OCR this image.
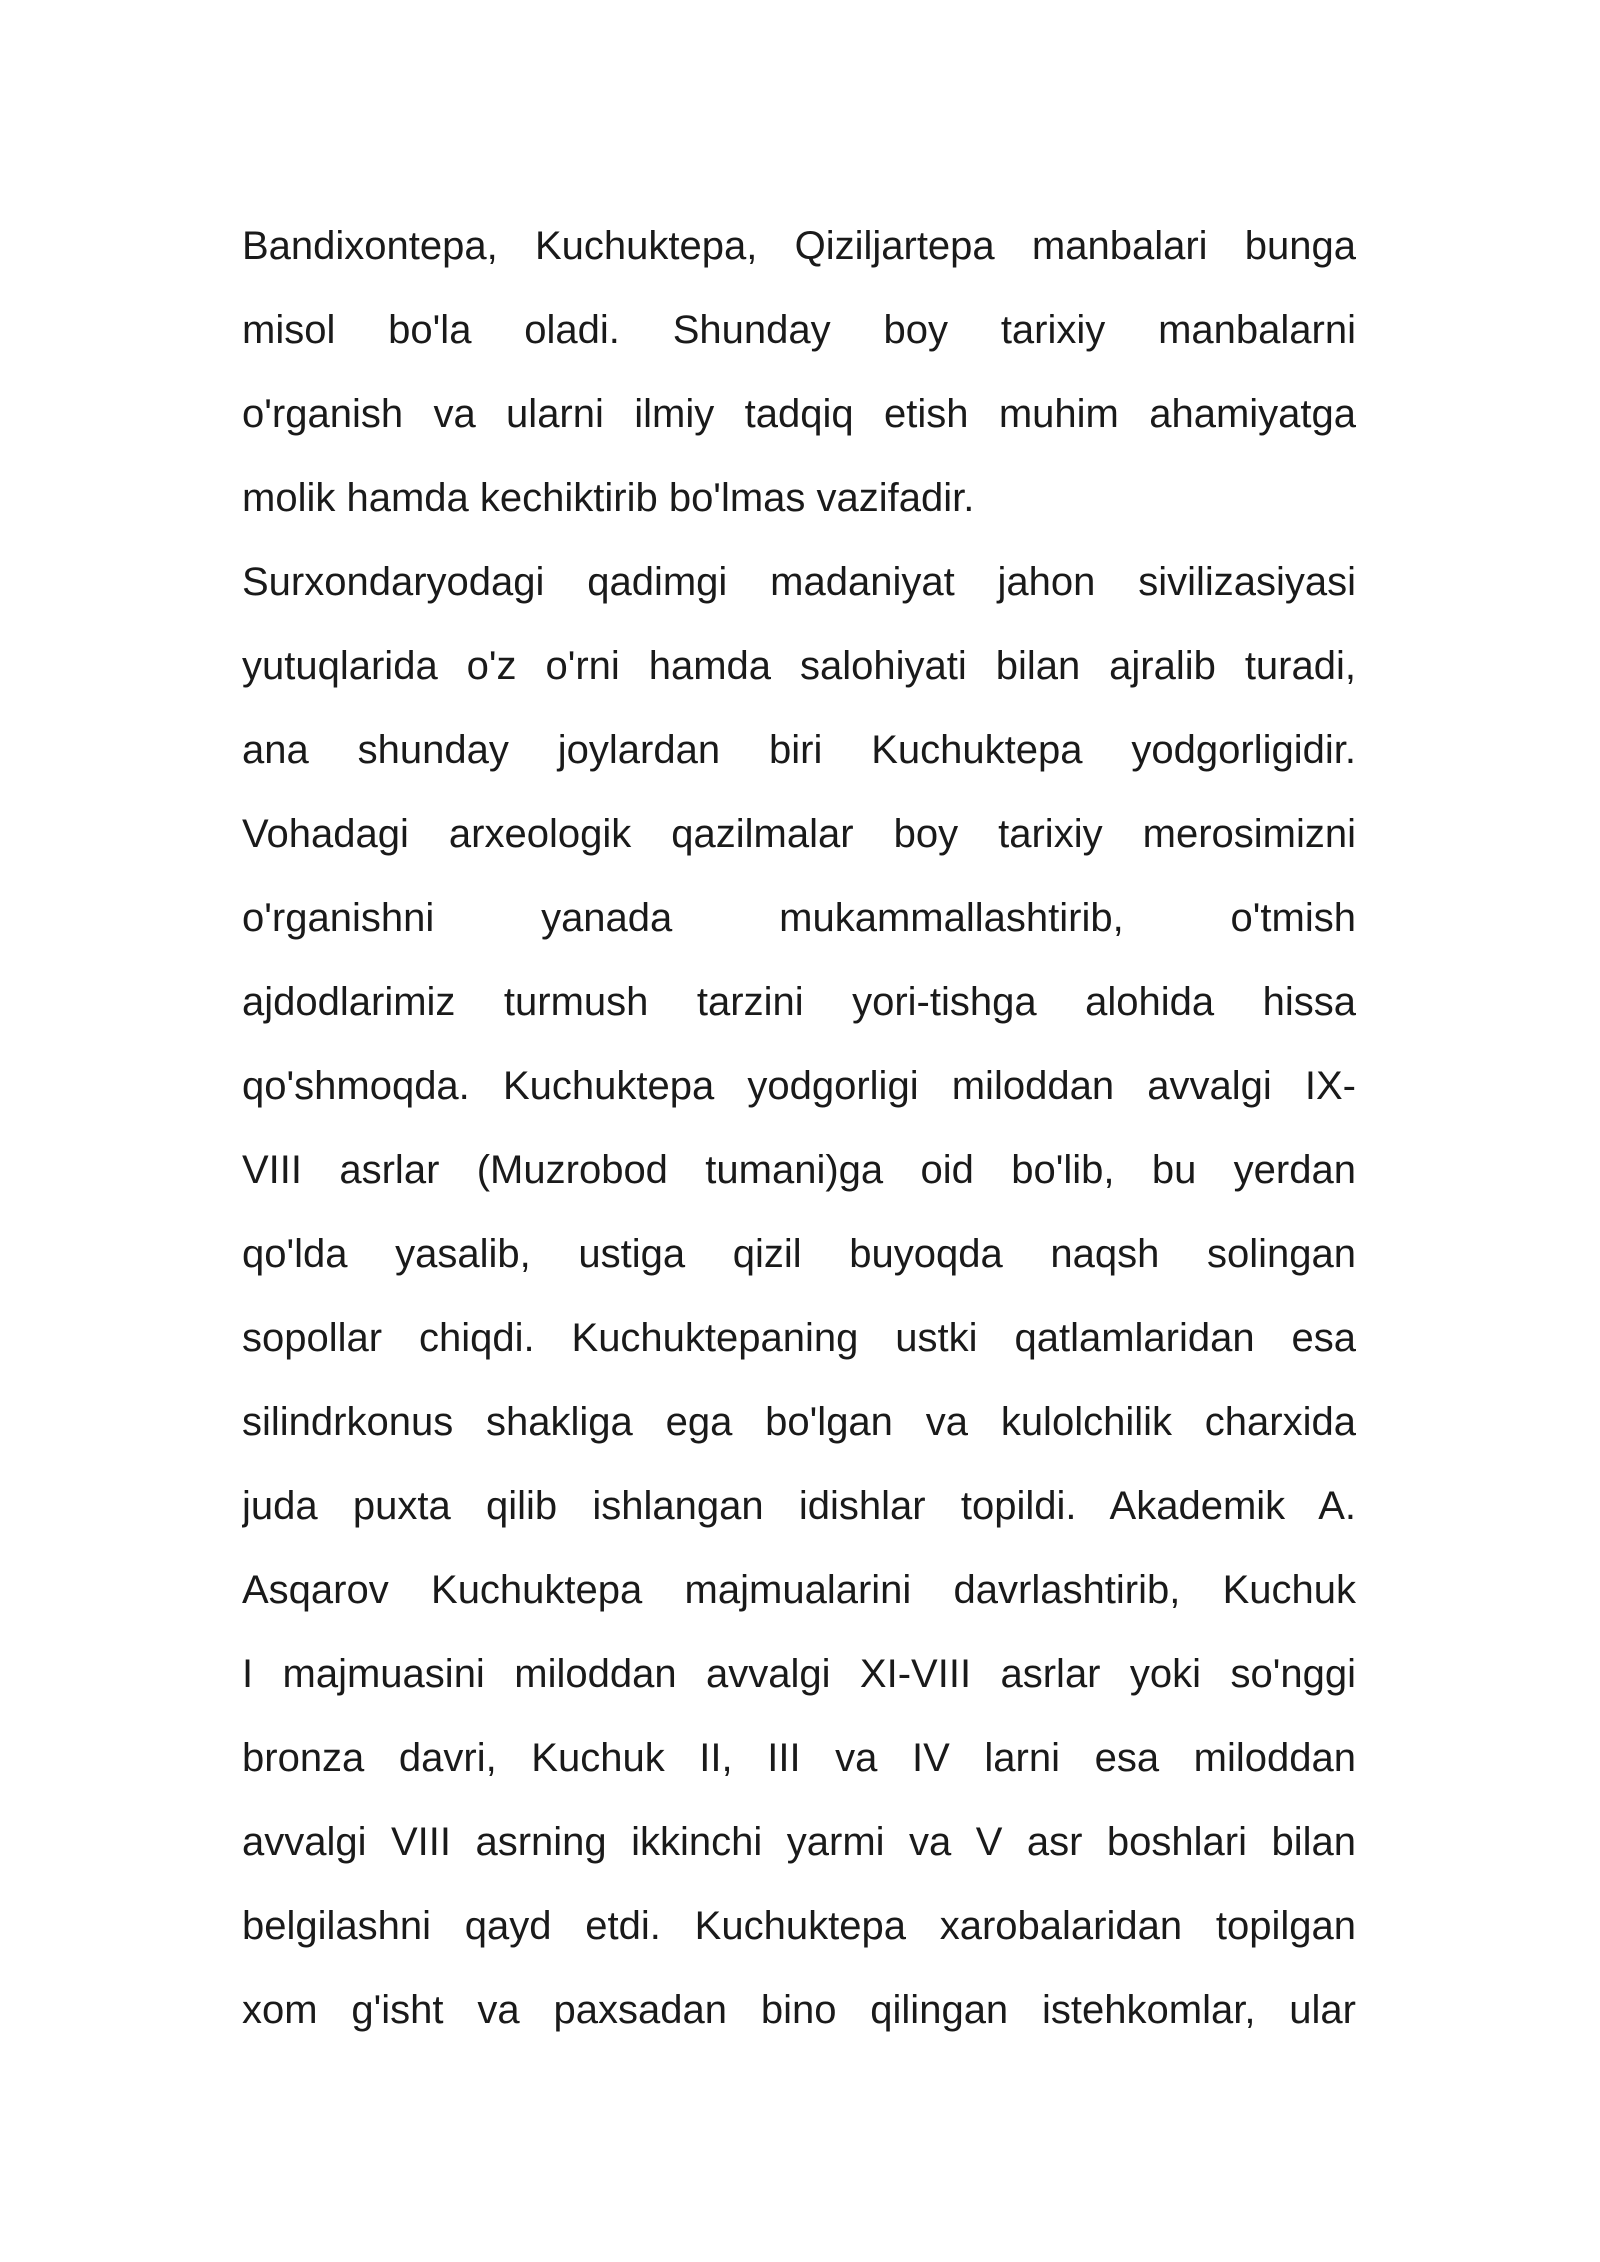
Bandixontepa, Kuchuktepa, Qiziljartepa manbalari bunga
misol bo'la oladi. Shunday boy tarixiy manbalarni
o'rganish va ularni ilmiy tadqiq etish muhim ahamiyatga
molik hamda kechiktirib bo'lmas vazifadir.
Surxondaryodagi qadimgi madaniyat jahon sivilizasiyasi
yutuqlarida o'z o'rni hamda salohiyati bilan ajralib turadi,
ana shunday joylardan biri Kuchuktepa yodgorligidir.
Vohadagi arxeologik qazilmalar boy tarixiy merosimizni
o'rganishni yanada mukammallashtirib, o'tmish
ajdodlarimiz turmush tarzini yori-tishga alohida hissa
qo'shmoqda. Kuchuktepa yodgorligi miloddan avvalgi IX-
VIII asrlar (Muzrobod tumani)ga oid bo'lib, bu yerdan
qo'lda yasalib, ustiga qizil buyoqda naqsh solingan
sopollar chiqdi. Kuchuktepaning ustki qatlamlaridan esa
silindrkonus shakliga ega bo'lgan va kulolchilik charxida
juda puxta qilib ishlangan idishlar topildi. Akademik A.
Asqarov Kuchuktepa majmualarini davrlashtirib, Kuchuk
I majmuasini miloddan avvalgi XI-VIII asrlar yoki so'nggi
bronza davri, Kuchuk II, III va IV larni esa miloddan
avvalgi VIII asrning ikkinchi yarmi va V asr boshlari bilan
belgilashni qayd etdi. Kuchuktepa xarobalaridan topilgan
xom g'isht va paxsadan bino qilingan istehkomlar, ular
